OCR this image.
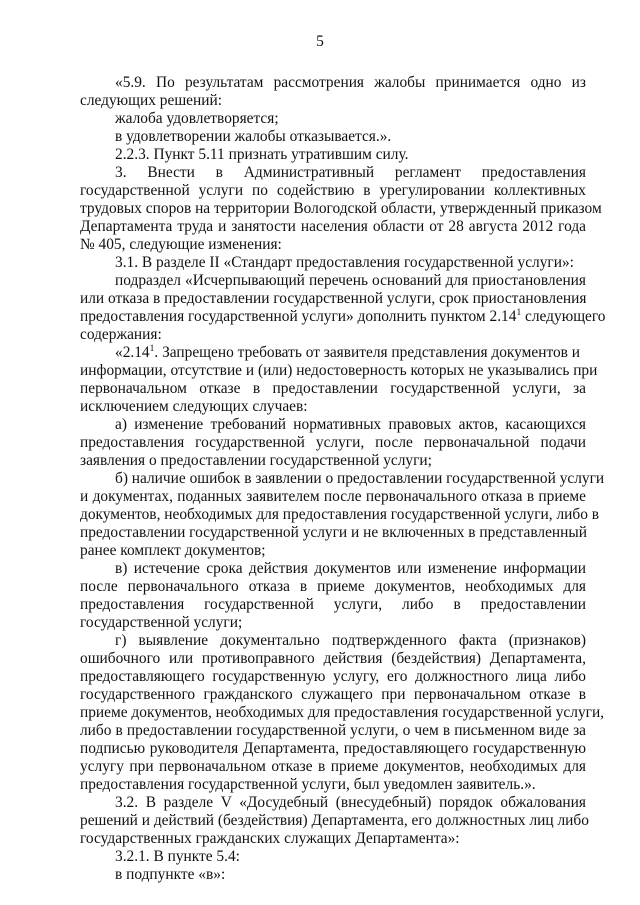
5
«5.9. По результатам рассмотрения жалобы принимается одно из
следующих решений:
жалоба удовлетворяется;
в удовлетворении жалобы отказывается.».
2.2.3. Пункт 5.11 признать утратившим силу.
3. Внести в Административный регламент предоставления
государственной услуги по содействию в урегулировании коллективных
трудовых споров на территории Вологодской области, утвержденный приказом
Департамента труда и занятости населения области от 28 августа 2012 года
№ 405, следующие изменения:
3.1. В разделе II «Стандарт предоставления государственной услуги»:
подраздел «Исчерпывающий перечень оснований для приостановления
или отказа в предоставлении государственной услуги, срок приостановления
предоставления государственной услуги» дополнить пунктом 2.14$^1$ следующего
содержания:
«2.14$^1$. Запрещено требовать от заявителя представления документов и
информации, отсутствие и (или) недостоверность которых не указывались при
первоначальном отказе в предоставлении государственной услуги, за
исключением следующих случаев:
а) изменение требований нормативных правовых актов, касающихся
предоставления государственной услуги, после первоначальной подачи
заявления о предоставлении государственной услуги;
б) наличие ошибок в заявлении о предоставлении государственной услуги
и документах, поданных заявителем после первоначального отказа в приеме
документов, необходимых для предоставления государственной услуги, либо в
предоставлении государственной услуги и не включенных в представленный
ранее комплект документов;
в) истечение срока действия документов или изменение информации
после первоначального отказа в приеме документов, необходимых для
предоставления государственной услуги, либо в предоставлении
государственной услуги;
г) выявление документально подтвержденного факта (признаков)
ошибочного или противоправного действия (бездействия) Департамента,
предоставляющего государственную услугу, его должностного лица либо
государственного гражданского служащего при первоначальном отказе в
приеме документов, необходимых для предоставления государственной услуги,
либо в предоставлении государственной услуги, о чем в письменном виде за
подписью руководителя Департамента, предоставляющего государственную
услугу при первоначальном отказе в приеме документов, необходимых для
предоставления государственной услуги, был уведомлен заявитель.».
3.2. В разделе V «Досудебный (внесудебный) порядок обжалования
решений и действий (бездействия) Департамента, его должностных лиц либо
государственных гражданских служащих Департамента»:
3.2.1. В пункте 5.4:
в подпункте «в»:
